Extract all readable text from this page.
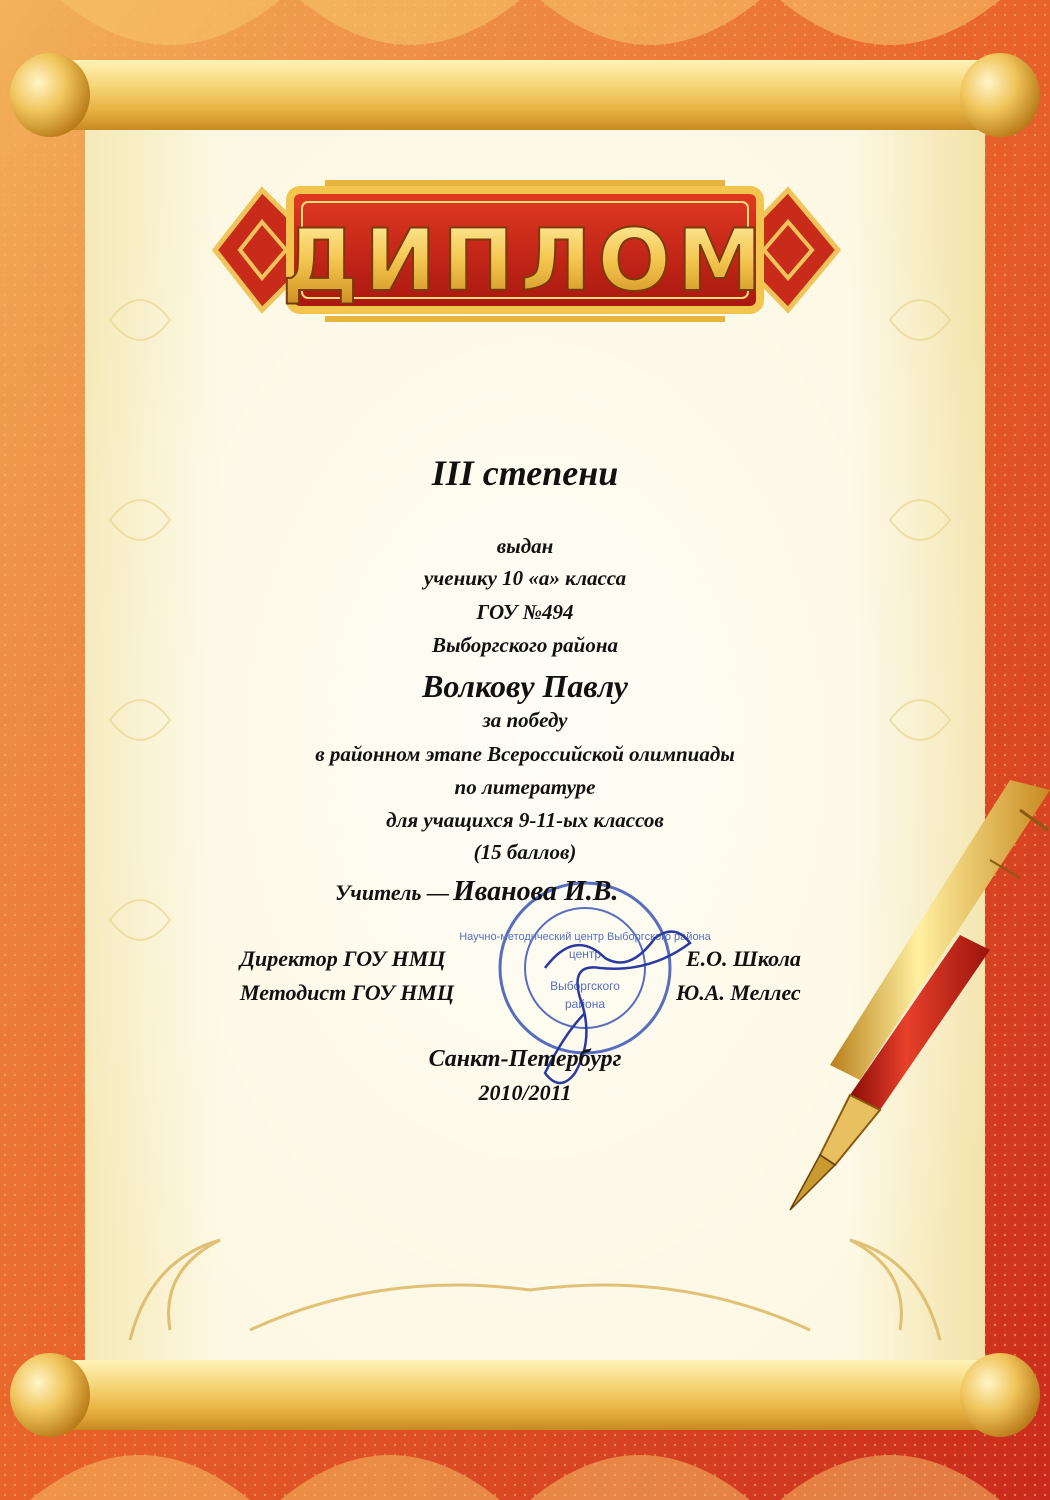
ДИПЛОМ
Научно-методический центр Выборгского района
центр
Выборгского
района
III степени
выдан
ученику 10 «а» класса
ГОУ №494
Выборгского района
Волкову Павлу
за победу
в районном этапе Всероссийской олимпиады
по литературе
для учащихся 9-11-ых классов
(15 баллов)
Учитель — Иванова И.В.
Директор ГОУ НМЦ	Е.О. Школа
Методист ГОУ НМЦ	Ю.А. Меллес
Санкт-Петербург
2010/2011
